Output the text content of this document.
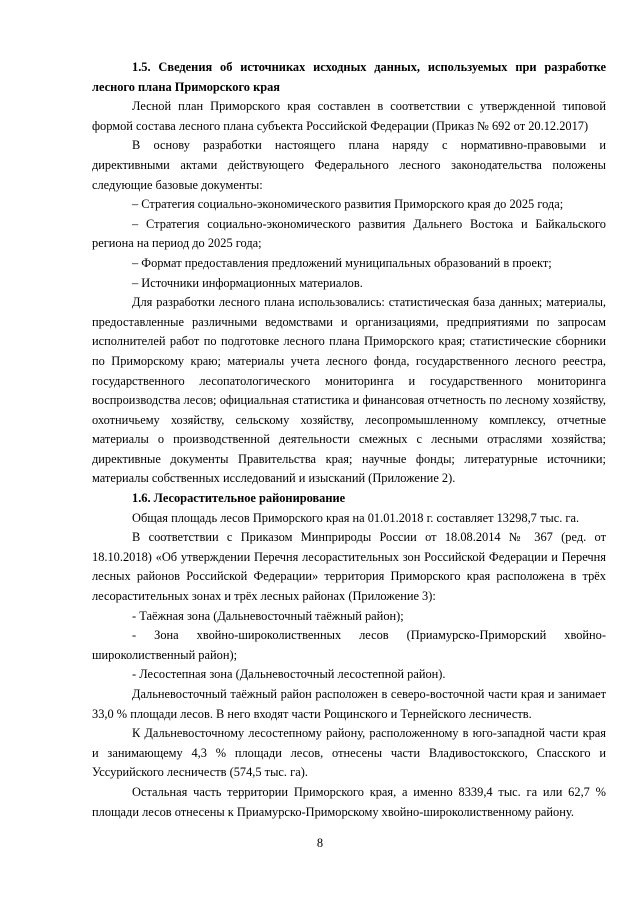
1.5. Сведения об источниках исходных данных, используемых при разработке лесного плана Приморского края

Лесной план Приморского края составлен в соответствии с утвержденной типовой формой состава лесного плана субъекта Российской Федерации (Приказ № 692 от 20.12.2017)

В основу разработки настоящего плана наряду с нормативно-правовыми и директивными актами действующего Федерального лесного законодательства положены следующие базовые документы:

– Стратегия социально-экономического развития Приморского края до 2025 года;

– Стратегия социально-экономического развития Дальнего Востока и Байкальского региона на период до 2025 года;

– Формат предоставления предложений муниципальных образований в проект;

– Источники информационных материалов.

Для разработки лесного плана использовались: статистическая база данных; материалы, предоставленные различными ведомствами и организациями, предприятиями по запросам исполнителей работ по подготовке лесного плана Приморского края; статистические сборники по Приморскому краю; материалы учета лесного фонда, государственного лесного реестра, государственного лесопатологического мониторинга и государственного мониторинга воспроизводства лесов; официальная статистика и финансовая отчетность по лесному хозяйству, охотничьему хозяйству, сельскому хозяйству, лесопромышленному комплексу, отчетные материалы о производственной деятельности смежных с лесными отраслями хозяйства; директивные документы Правительства края; научные фонды; литературные источники; материалы собственных исследований и изысканий (Приложение 2).

1.6. Лесорастительное районирование

Общая площадь лесов Приморского края на 01.01.2018 г. составляет 13298,7 тыс. га.

В соответствии с Приказом Минприроды России от 18.08.2014 № 367 (ред. от 18.10.2018) «Об утверждении Перечня лесорастительных зон Российской Федерации и Перечня лесных районов Российской Федерации» территория Приморского края расположена в трёх лесорастительных зонах и трёх лесных районах (Приложение 3):

- Таёжная зона (Дальневосточный таёжный район);

- Зона хвойно-широколиственных лесов (Приамурско-Приморский хвойно-широколиственный район);

- Лесостепная зона (Дальневосточный лесостепной район).

Дальневосточный таёжный район расположен в северо-восточной части края и занимает 33,0 % площади лесов. В него входят части Рощинского и Тернейского лесничеств.

К Дальневосточному лесостепному району, расположенному в юго-западной части края и занимающему 4,3 % площади лесов, отнесены части Владивостокского, Спасского и Уссурийского лесничеств (574,5 тыс. га).

Остальная часть территории Приморского края, а именно 8339,4 тыс. га или 62,7 % площади лесов отнесены к Приамурско-Приморскому хвойно-широколиственному району.

8
